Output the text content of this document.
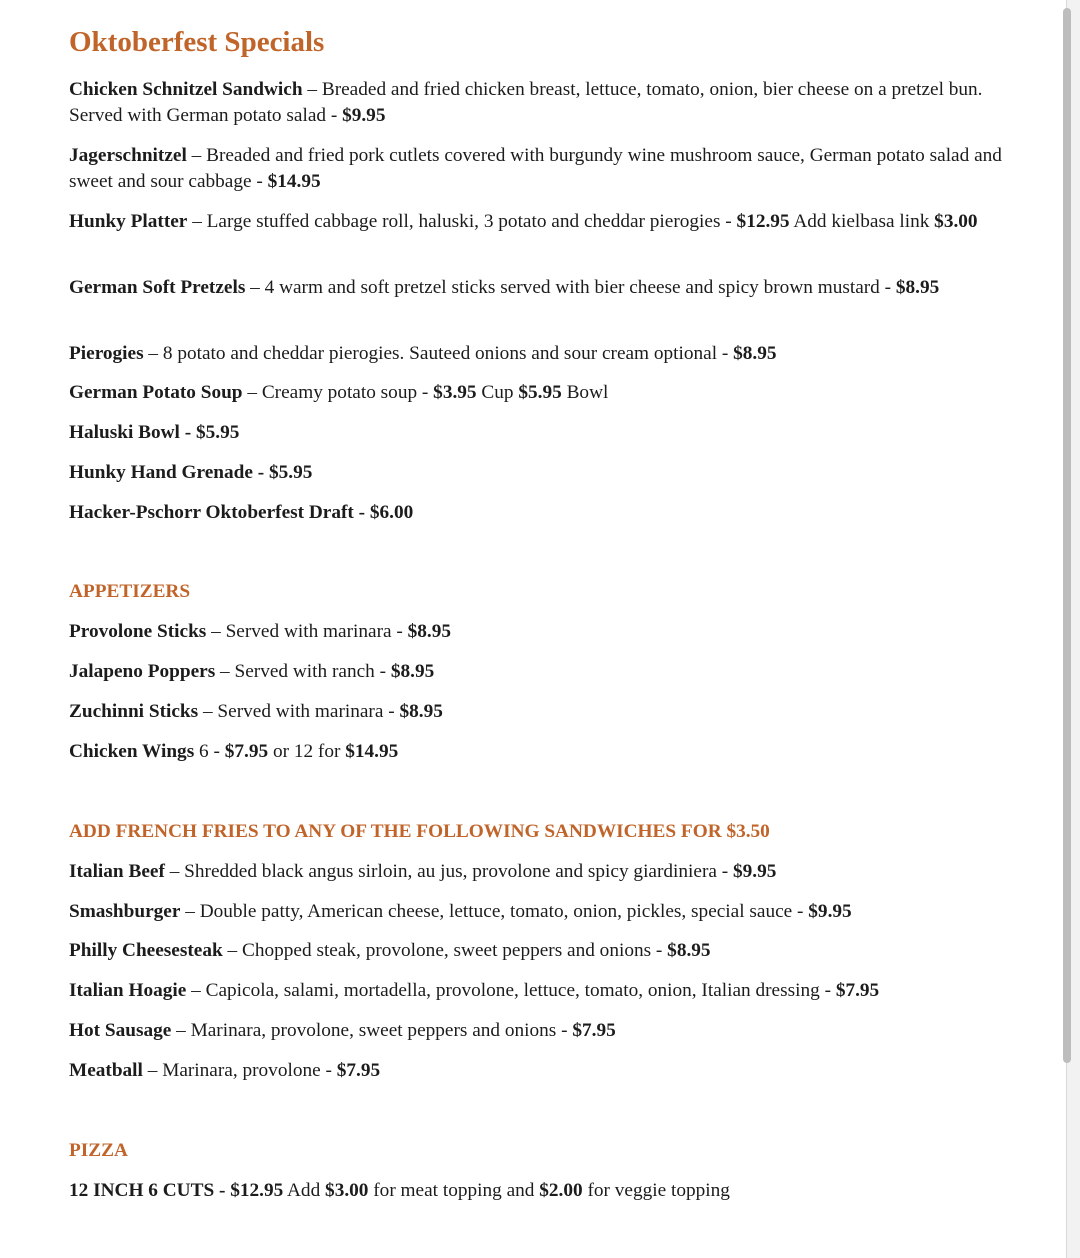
Oktoberfest Specials

Chicken Schnitzel Sandwich – Breaded and fried chicken breast, lettuce, tomato, onion, bier cheese on a pretzel bun. Served with German potato salad - $9.95

Jagerschnitzel – Breaded and fried pork cutlets covered with burgundy wine mushroom sauce, German potato salad and sweet and sour cabbage - $14.95

Hunky Platter – Large stuffed cabbage roll, haluski, 3 potato and cheddar pierogies - $12.95 Add kielbasa link $3.00

German Soft Pretzels – 4 warm and soft pretzel sticks served with bier cheese and spicy brown mustard - $8.95

Pierogies – 8 potato and cheddar pierogies. Sauteed onions and sour cream optional - $8.95

German Potato Soup – Creamy potato soup - $3.95 Cup $5.95 Bowl

Haluski Bowl - $5.95

Hunky Hand Grenade - $5.95

Hacker-Pschorr Oktoberfest Draft - $6.00

APPETIZERS

Provolone Sticks – Served with marinara - $8.95

Jalapeno Poppers – Served with ranch - $8.95

Zuchinni Sticks – Served with marinara - $8.95

Chicken Wings 6 - $7.95 or 12 for $14.95

ADD FRENCH FRIES TO ANY OF THE FOLLOWING SANDWICHES FOR $3.50

Italian Beef – Shredded black angus sirloin, au jus, provolone and spicy giardiniera - $9.95

Smashburger – Double patty, American cheese, lettuce, tomato, onion, pickles, special sauce - $9.95

Philly Cheesesteak – Chopped steak, provolone, sweet peppers and onions - $8.95

Italian Hoagie – Capicola, salami, mortadella, provolone, lettuce, tomato, onion, Italian dressing - $7.95

Hot Sausage – Marinara, provolone, sweet peppers and onions - $7.95

Meatball – Marinara, provolone - $7.95

PIZZA

12 INCH 6 CUTS - $12.95 Add $3.00 for meat topping and $2.00 for veggie topping
